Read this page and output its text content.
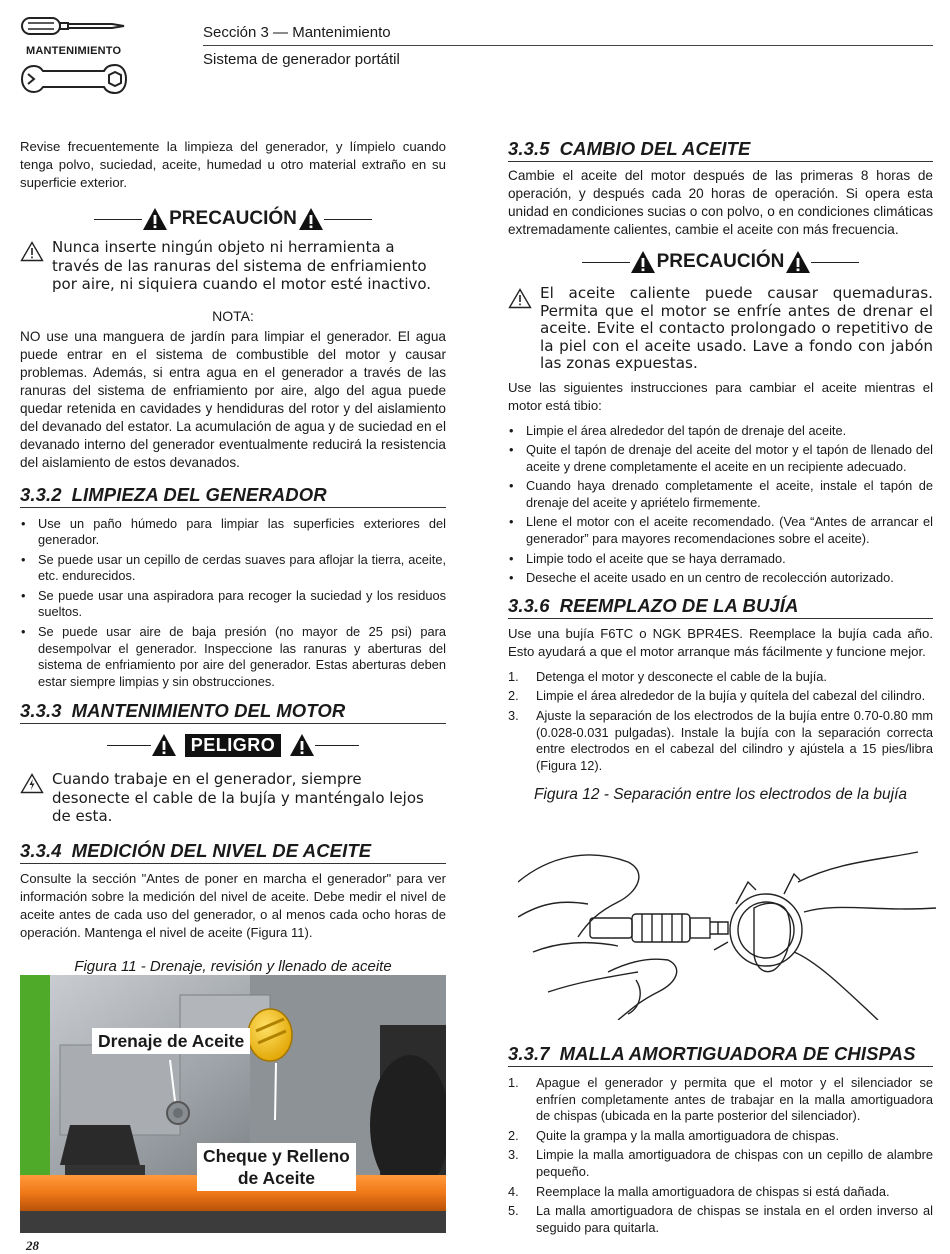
MANTENIMIENTO
Sección 3 — Mantenimiento
Sistema de generador portátil

Revise frecuentemente la limpieza del generador, y límpielo cuando tenga polvo, suciedad, aceite, humedad u otro material extraño en su superficie exterior.

PRECAUCIÓN

Nunca inserte ningún objeto ni herramienta a través de las ranuras del sistema de enfriamiento por aire, ni siquiera cuando el motor esté inactivo.

NOTA:

NO use una manguera de jardín para limpiar el generador. El agua puede entrar en el sistema de combustible del motor y causar problemas. Además, si entra agua en el generador a través de las ranuras del sistema de enfriamiento por aire, algo del agua puede quedar retenida en cavidades y hendiduras del rotor y del aislamiento del devanado del estator. La acumulación de agua y de suciedad en el devanado interno del generador eventualmente reducirá la resistencia del aislamiento de estos devanados.

3.3.2 LIMPIEZA DEL GENERADOR
• Use un paño húmedo para limpiar las superficies exteriores del generador.
• Se puede usar un cepillo de cerdas suaves para aflojar la tierra, aceite, etc. endurecidos.
• Se puede usar una aspiradora para recoger la suciedad y los residuos sueltos.
• Se puede usar aire de baja presión (no mayor de 25 psi) para desempolvar el generador. Inspeccione las ranuras y aberturas del sistema de enfriamiento por aire del generador. Estas aberturas deben estar siempre limpias y sin obstrucciones.
3.3.3 MANTENIMIENTO DEL MOTOR
PELIGRO

Cuando trabaje en el generador, siempre desonecte el cable de la bujía y manténgalo lejos de esta.

3.3.4 MEDICIÓN DEL NIVEL DE ACEITE

Consulte la sección "Antes de poner en marcha el generador" para ver información sobre la medición del nivel de aceite. Debe medir el nivel de aceite antes de cada uso del generador, o al menos cada ocho horas de operación. Mantenga el nivel de aceite (Figura 11).

Figura 11 - Drenaje, revisión y llenado de aceite

Drenaje de Aceite
Cheque y Relleno
de Aceite
3.3.5 CAMBIO DEL ACEITE

Cambie el aceite del motor después de las primeras 8 horas de operación, y después cada 20 horas de operación. Si opera esta unidad en condiciones sucias o con polvo, o en condiciones climáticas extremadamente calientes, cambie el aceite con más frecuencia.

PRECAUCIÓN

El aceite caliente puede causar quemaduras. Permita que el motor se enfríe antes de drenar el aceite. Evite el contacto prolongado o repetitivo de la piel con el aceite usado. Lave a fondo con jabón las zonas expuestas.

Use las siguientes instrucciones para cambiar el aceite mientras el motor está tibio:

• Limpie el área alrededor del tapón de drenaje del aceite.
• Quite el tapón de drenaje del aceite del motor y el tapón de llenado del aceite y drene completamente el aceite en un recipiente adecuado.
• Cuando haya drenado completamente el aceite, instale el tapón de drenaje del aceite y apriételo firmemente.
• Llene el motor con el aceite recomendado. (Vea “Antes de arrancar el generador” para mayores recomendaciones sobre el aceite).
• Limpie todo el aceite que se haya derramado.
• Deseche el aceite usado en un centro de recolección autorizado.
3.3.6 REEMPLAZO DE LA BUJÍA

Use una bujía F6TC o NGK BPR4ES. Reemplace la bujía cada año. Esto ayudará a que el motor arranque más fácilmente y funcione mejor.

1. Detenga el motor y desconecte el cable de la bujía.
2. Limpie el área alrededor de la bujía y quítela del cabezal del cilindro.
3. Ajuste la separación de los electrodos de la bujía entre 0.70-0.80 mm (0.028-0.031 pulgadas). Instale la bujía con la separación correcta entre electrodos en el cabezal del cilindro y ajústela a 15 pies/libra (Figura 12).

Figura 12 - Separación entre los electrodos de la bujía

3.3.7 MALLA AMORTIGUADORA DE CHISPAS
1. Apague el generador y permita que el motor y el silenciador se enfríen completamente antes de trabajar en la malla amortiguadora de chispas (ubicada en la parte posterior del silenciador).
2. Quite la grampa y la malla amortiguadora de chispas.
3. Limpie la malla amortiguadora de chispas con un cepillo de alambre pequeño.
4. Reemplace la malla amortiguadora de chispas si está dañada.
5. La malla amortiguadora de chispas se instala en el orden inverso al seguido para quitarla.
28
